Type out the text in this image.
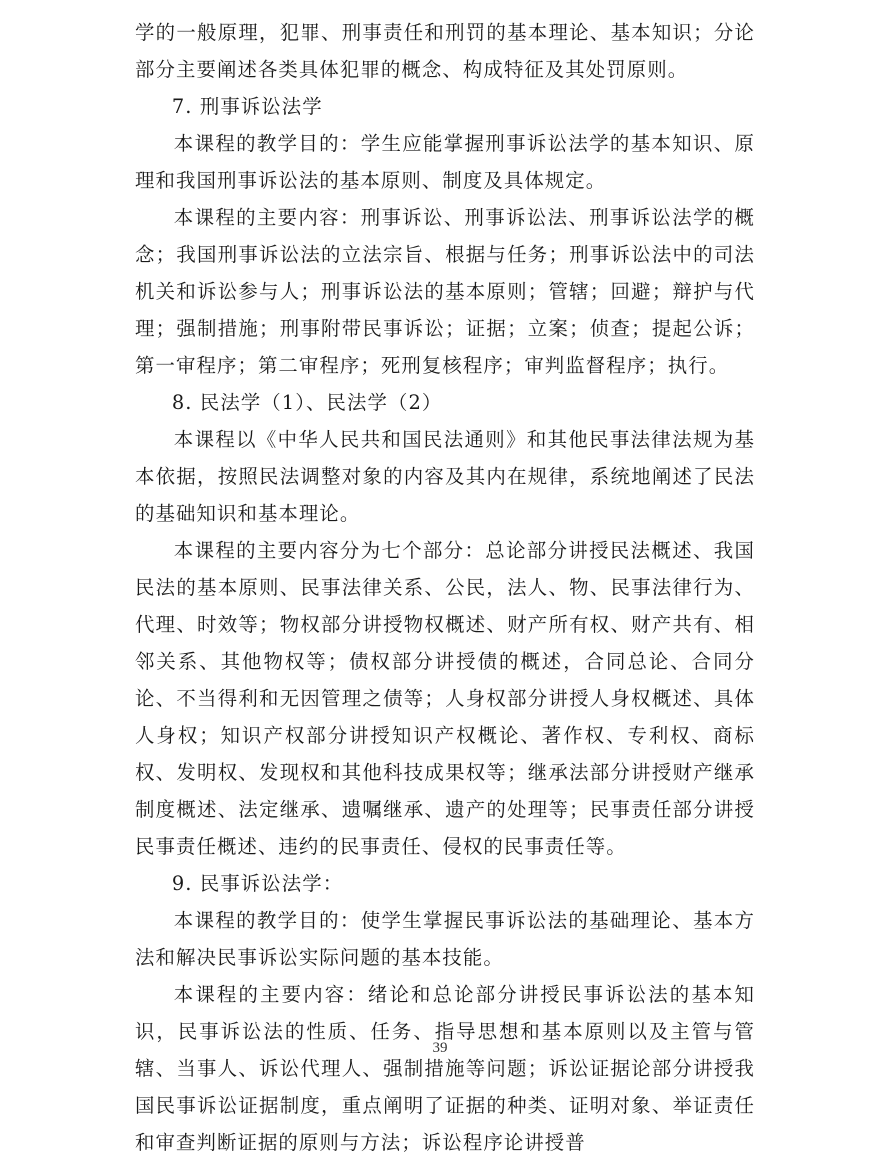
学的一般原理，犯罪、刑事责任和刑罚的基本理论、基本知识；分论部分主要阐述各类具体犯罪的概念、构成特征及其处罚原则。

7. 刑事诉讼法学

本课程的教学目的：学生应能掌握刑事诉讼法学的基本知识、原理和我国刑事诉讼法的基本原则、制度及具体规定。

本课程的主要内容：刑事诉讼、刑事诉讼法、刑事诉讼法学的概念；我国刑事诉讼法的立法宗旨、根据与任务；刑事诉讼法中的司法机关和诉讼参与人；刑事诉讼法的基本原则；管辖；回避；辩护与代理；强制措施；刑事附带民事诉讼；证据；立案；侦查；提起公诉；第一审程序；第二审程序；死刑复核程序；审判监督程序；执行。

8. 民法学（1）、民法学（2）

本课程以《中华人民共和国民法通则》和其他民事法律法规为基本依据，按照民法调整对象的内容及其内在规律，系统地阐述了民法的基础知识和基本理论。

本课程的主要内容分为七个部分：总论部分讲授民法概述、我国民法的基本原则、民事法律关系、公民，法人、物、民事法律行为、代理、时效等；物权部分讲授物权概述、财产所有权、财产共有、相邻关系、其他物权等；债权部分讲授债的概述，合同总论、合同分论、不当得利和无因管理之债等；人身权部分讲授人身权概述、具体人身权；知识产权部分讲授知识产权概论、著作权、专利权、商标权、发明权、发现权和其他科技成果权等；继承法部分讲授财产继承制度概述、法定继承、遗嘱继承、遗产的处理等；民事责任部分讲授民事责任概述、违约的民事责任、侵权的民事责任等。

9. 民事诉讼法学：

本课程的教学目的：使学生掌握民事诉讼法的基础理论、基本方法和解决民事诉讼实际问题的基本技能。

本课程的主要内容：绪论和总论部分讲授民事诉讼法的基本知识，民事诉讼法的性质、任务、指导思想和基本原则以及主管与管辖、当事人、诉讼代理人、强制措施等问题；诉讼证据论部分讲授我国民事诉讼证据制度，重点阐明了证据的种类、证明对象、举证责任和审查判断证据的原则与方法；诉讼程序论讲授普

39
